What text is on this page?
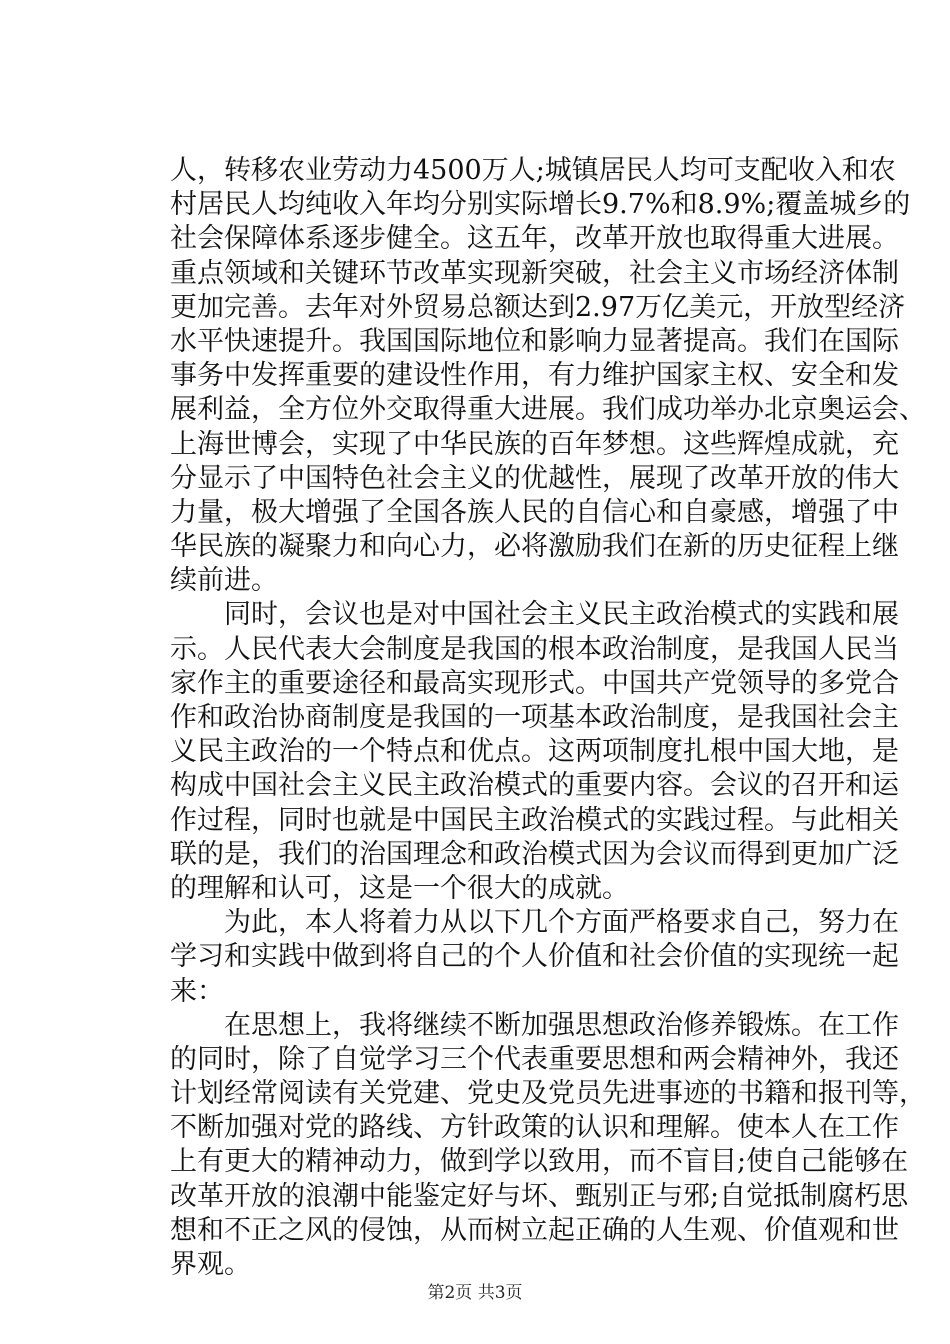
人，转移农业劳动力4500万人;城镇居民人均可支配收入和农
村居民人均纯收入年均分别实际增长9.7%和8.9%;覆盖城乡的
社会保障体系逐步健全。这五年，改革开放也取得重大进展。
重点领域和关键环节改革实现新突破，社会主义市场经济体制
更加完善。去年对外贸易总额达到2.97万亿美元，开放型经济
水平快速提升。我国国际地位和影响力显著提高。我们在国际
事务中发挥重要的建设性作用，有力维护国家主权、安全和发
展利益，全方位外交取得重大进展。我们成功举办北京奥运会、
上海世博会，实现了中华民族的百年梦想。这些辉煌成就，充
分显示了中国特色社会主义的优越性，展现了改革开放的伟大
力量，极大增强了全国各族人民的自信心和自豪感，增强了中
华民族的凝聚力和向心力，必将激励我们在新的历史征程上继
续前进。
　　同时，会议也是对中国社会主义民主政治模式的实践和展
示。人民代表大会制度是我国的根本政治制度，是我国人民当
家作主的重要途径和最高实现形式。中国共产党领导的多党合
作和政治协商制度是我国的一项基本政治制度，是我国社会主
义民主政治的一个特点和优点。这两项制度扎根中国大地，是
构成中国社会主义民主政治模式的重要内容。会议的召开和运
作过程，同时也就是中国民主政治模式的实践过程。与此相关
联的是，我们的治国理念和政治模式因为会议而得到更加广泛
的理解和认可，这是一个很大的成就。
　　为此，本人将着力从以下几个方面严格要求自己，努力在
学习和实践中做到将自己的个人价值和社会价值的实现统一起
来：
　　在思想上，我将继续不断加强思想政治修养锻炼。在工作
的同时，除了自觉学习三个代表重要思想和两会精神外，我还
计划经常阅读有关党建、党史及党员先进事迹的书籍和报刊等，
不断加强对党的路线、方针政策的认识和理解。使本人在工作
上有更大的精神动力，做到学以致用，而不盲目;使自己能够在
改革开放的浪潮中能鉴定好与坏、甄别正与邪;自觉抵制腐朽思
想和不正之风的侵蚀，从而树立起正确的人生观、价值观和世
界观。
第2页 共3页
